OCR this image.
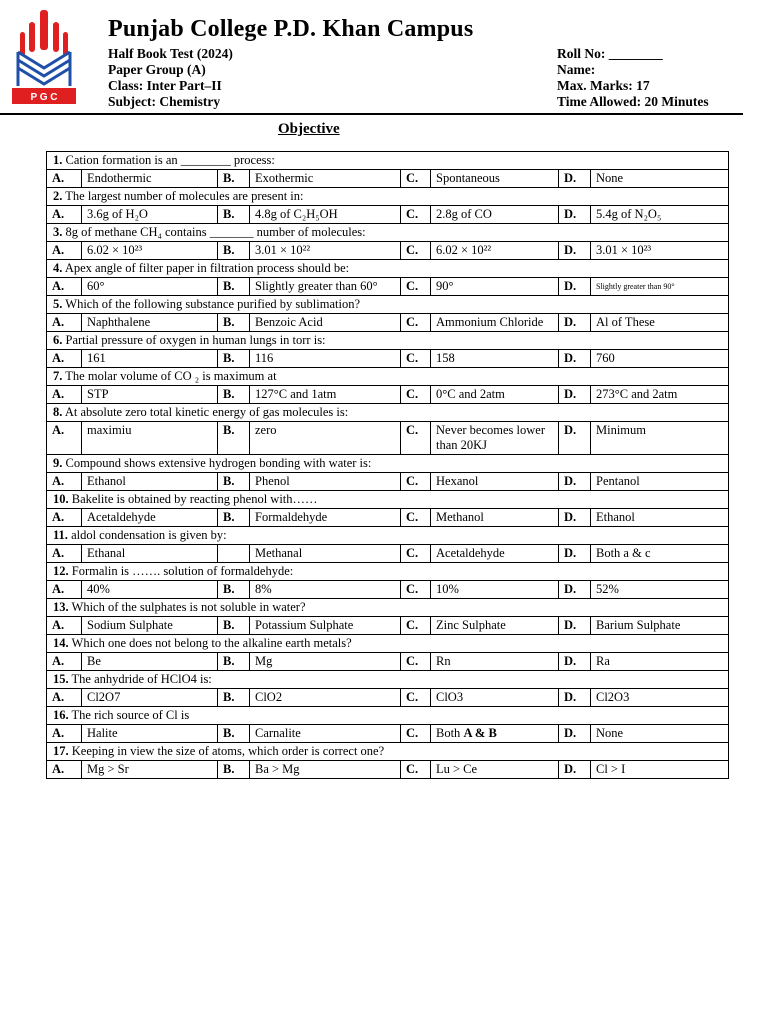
P G C
Punjab College P.D. Khan Campus
Half Book Test (2024)
Paper Group (A)
Class: Inter Part–II
Subject: Chemistry
Roll No: ________
Name:
Max. Marks: 17
Time Allowed: 20 Minutes
Objective
1. Cation formation is an ________ process:							
A.	Endothermic	B.	Exothermic	C.	Spontaneous	D.	None
2. The largest number of molecules are present in:							
A.	3.6g of H₂O	B.	4.8g of C₂H₅OH	C.	2.8g of CO	D.	5.4g of N₂O₅
3. 8g of methane CH₄ contains _______ number of molecules:							
A.	6.02 × 10²³	B.	3.01 × 10²²	C.	6.02 × 10²²	D.	3.01 × 10²³
4. Apex angle of filter paper in filtration process should be:							
A.	60°	B.	Slightly greater than 60°	C.	90°	D.	Slightly greater than 90°
5. Which of the following substance purified by sublimation?							
A.	Naphthalene	B.	Benzoic Acid	C.	Ammonium Chloride	D.	Al of These
6. Partial pressure of oxygen in human lungs in torr is:							
A.	161	B.	116	C.	158	D.	760
7. The molar volume of CO ₂ is maximum at							
A.	STP	B.	127°C and 1atm	C.	0°C and 2atm	D.	273°C and 2atm
8. At absolute zero total kinetic energy of gas molecules is:							
A.	maximiu	B.	zero	C.	Never becomes lower than 20KJ	D.	Minimum
9. Compound shows extensive hydrogen bonding with water is:							
A.	Ethanol	B.	Phenol	C.	Hexanol	D.	Pentanol
10. Bakelite is obtained by reacting phenol with……							
A.	Acetaldehyde	B.	Formaldehyde	C.	Methanol	D.	Ethanol
11. aldol condensation is given by:							
A.	Ethanal		Methanal	C.	Acetaldehyde	D.	Both a & c
12. Formalin is ……. solution of formaldehyde:							
A.	40%	B.	8%	C.	10%	D.	52%
13. Which of the sulphates is not soluble in water?							
A.	Sodium Sulphate	B.	Potassium Sulphate	C.	Zinc Sulphate	D.	Barium Sulphate
14. Which one does not belong to the alkaline earth metals?							
A.	Be	B.	Mg	C.	Rn	D.	Ra
15. The anhydride of HClO4 is:							
A.	Cl2O7	B.	ClO2	C.	ClO3	D.	Cl2O3
16. The rich source of Cl is							
A.	Halite	B.	Carnalite	C.	Both A & B	D.	None
17. Keeping in view the size of atoms, which order is correct one?							
A.	Mg > Sr	B.	Ba > Mg	C.	Lu > Ce	D.	Cl > I
